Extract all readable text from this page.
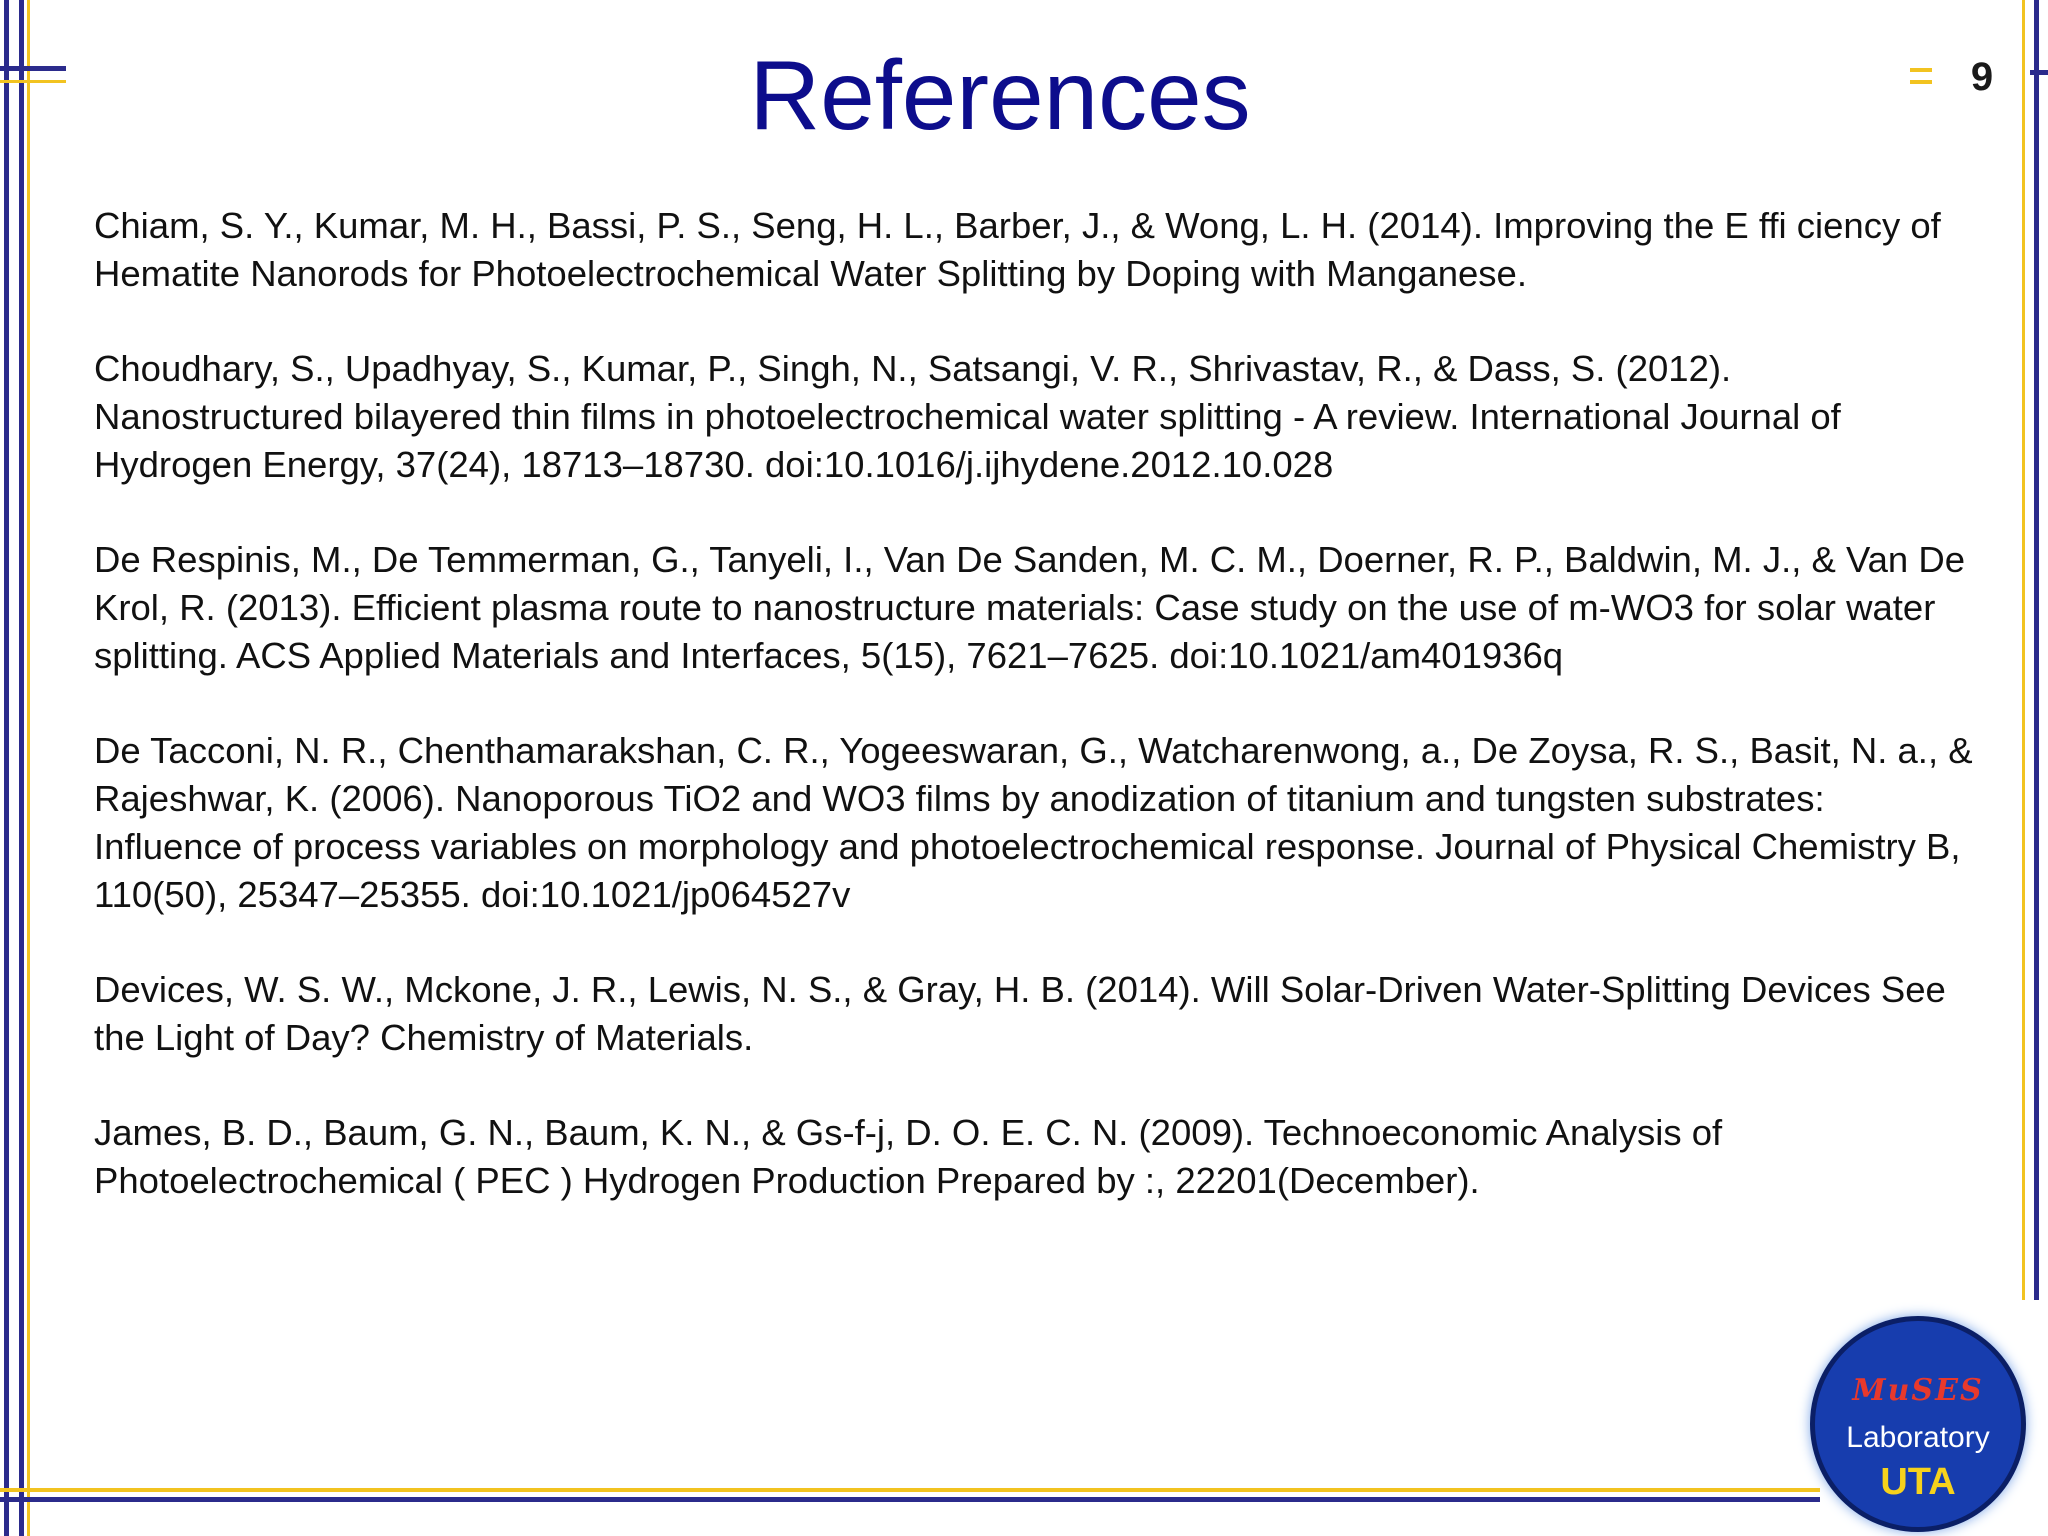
References	9
Chiam, S. Y., Kumar, M. H., Bassi, P. S., Seng, H. L., Barber, J., & Wong, L. H. (2014). Improving the E ffi ciency of Hematite Nanorods for Photoelectrochemical Water Splitting by Doping with Manganese.
Choudhary, S., Upadhyay, S., Kumar, P., Singh, N., Satsangi, V. R., Shrivastav, R., & Dass, S. (2012). Nanostructured bilayered thin films in photoelectrochemical water splitting - A review. International Journal of Hydrogen Energy, 37(24), 18713–18730. doi:10.1016/j.ijhydene.2012.10.028
De Respinis, M., De Temmerman, G., Tanyeli, I., Van De Sanden, M. C. M., Doerner, R. P., Baldwin, M. J., & Van De Krol, R. (2013). Efficient plasma route to nanostructure materials: Case study on the use of m-WO3 for solar water splitting. ACS Applied Materials and Interfaces, 5(15), 7621–7625. doi:10.1021/am401936q
De Tacconi, N. R., Chenthamarakshan, C. R., Yogeeswaran, G., Watcharenwong, a., De Zoysa, R. S., Basit, N. a., & Rajeshwar, K. (2006). Nanoporous TiO2 and WO3 films by anodization of titanium and tungsten substrates: Influence of process variables on morphology and photoelectrochemical response. Journal of Physical Chemistry B, 110(50), 25347–25355. doi:10.1021/jp064527v
Devices, W. S. W., Mckone, J. R., Lewis, N. S., & Gray, H. B. (2014). Will Solar-Driven Water-Splitting Devices See the Light of Day? Chemistry of Materials.
James, B. D., Baum, G. N., Baum, K. N., & Gs-f-j, D. O. E. C. N. (2009). Technoeconomic Analysis of Photoelectrochemical ( PEC ) Hydrogen Production Prepared by :, 22201(December).
MuSES
Laboratory
UTA
